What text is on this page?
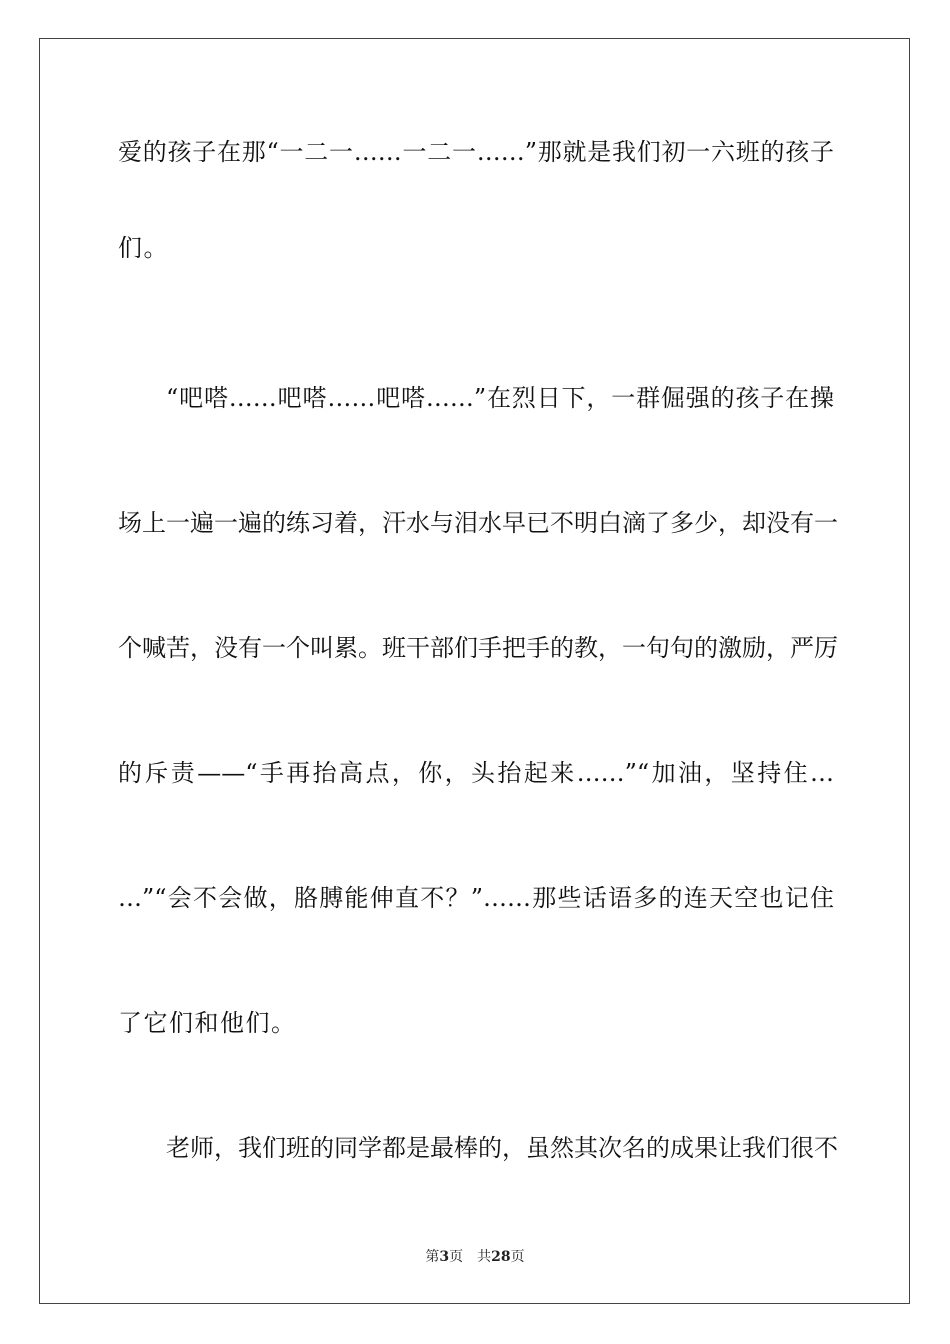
爱的孩子在那“一二一……一二一……”那就是我们初一六班的孩子
们。
“吧嗒……吧嗒……吧嗒……”在烈日下，一群倔强的孩子在操
场上一遍一遍的练习着，汗水与泪水早已不明白滴了多少，却没有一
个喊苦，没有一个叫累。班干部们手把手的教，一句句的激励，严厉
的斥责——“手再抬高点，你，头抬起来……”“加油，坚持住…
…”“会不会做，胳膊能伸直不？”……那些话语多的连天空也记住
了它们和他们。
老师，我们班的同学都是最棒的，虽然其次名的成果让我们很不
第3页 共28页
